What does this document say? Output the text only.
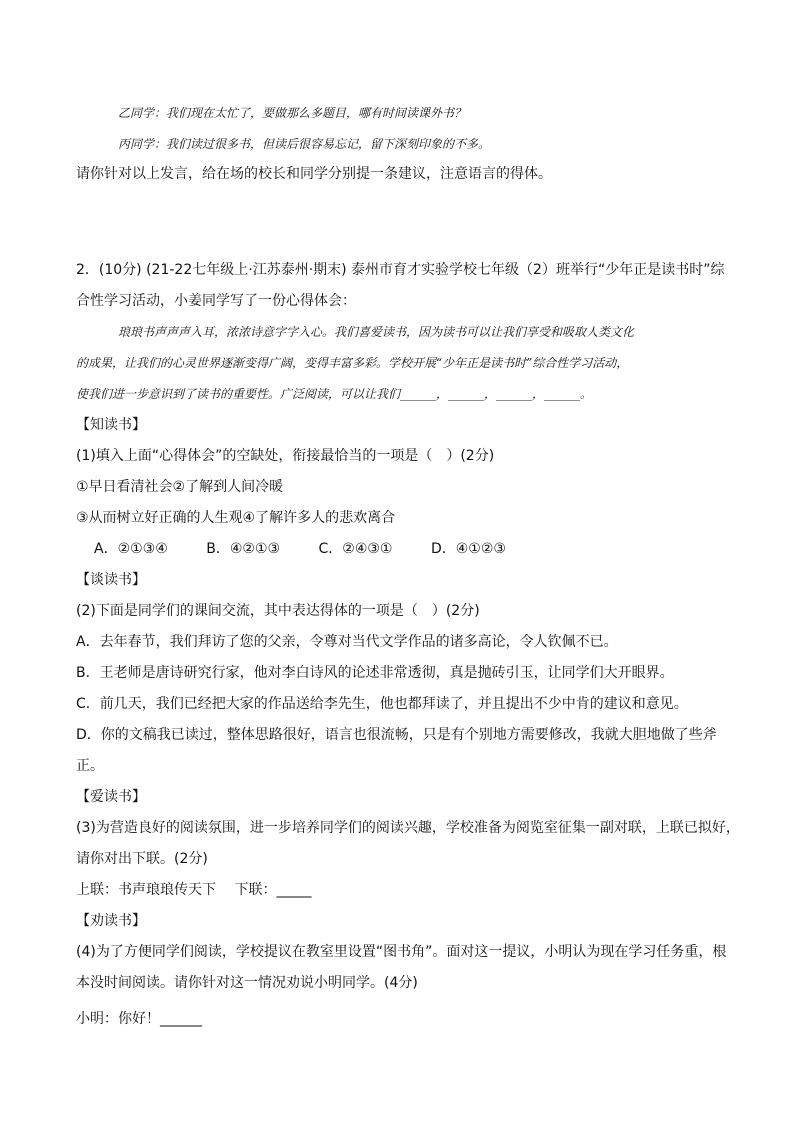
乙同学：我们现在太忙了，要做那么多题目，哪有时间读课外书？
丙同学：我们读过很多书，但读后很容易忘记，留下深刻印象的不多。
请你针对以上发言，给在场的校长和同学分别提一条建议，注意语言的得体。
2．(10分) (21-22七年级上·江苏泰州·期末) 泰州市育才实验学校七年级（2）班举行“少年正是读书时”综
合性学习活动，小姜同学写了一份心得体会：
琅琅书声声声入耳，浓浓诗意字字入心。我们喜爱读书，因为读书可以让我们享受和吸取人类文化
的成果，让我们的心灵世界逐渐变得广阔，变得丰富多彩。学校开展“少年正是读书时”综合性学习活动，
使我们进一步意识到了读书的重要性。广泛阅读，可以让我们______，______，______，______。
【知读书】
(1)填入上面“心得体会”的空缺处，衔接最恰当的一项是（　）(2分)
①早日看清社会②了解到人间冷暖
③从而树立好正确的人生观④了解许多人的悲欢离合
A．②①③④	B．④②①③	C．②④③①	D．④①②③
【谈读书】
(2)下面是同学们的课间交流，其中表达得体的一项是（　）(2分)
A．去年春节，我们拜访了您的父亲，令尊对当代文学作品的诸多高论，令人钦佩不已。
B．王老师是唐诗研究行家，他对李白诗风的论述非常透彻，真是抛砖引玉，让同学们大开眼界。
C．前几天，我们已经把大家的作品送给李先生，他也都拜读了，并且提出不少中肯的建议和意见。
D．你的文稿我已读过，整体思路很好，语言也很流畅，只是有个别地方需要修改，我就大胆地做了些斧
正。
【爱读书】
(3)为营造良好的阅读氛围，进一步培养同学们的阅读兴趣，学校准备为阅览室征集一副对联，上联已拟好，
请你对出下联。(2分)
上联：书声琅琅传天下　 下联：_____
【劝读书】
(4)为了方便同学们阅读，学校提议在教室里设置“图书角”。面对这一提议，小明认为现在学习任务重，根
本没时间阅读。请你针对这一情况劝说小明同学。(4分)
小明：你好！______
